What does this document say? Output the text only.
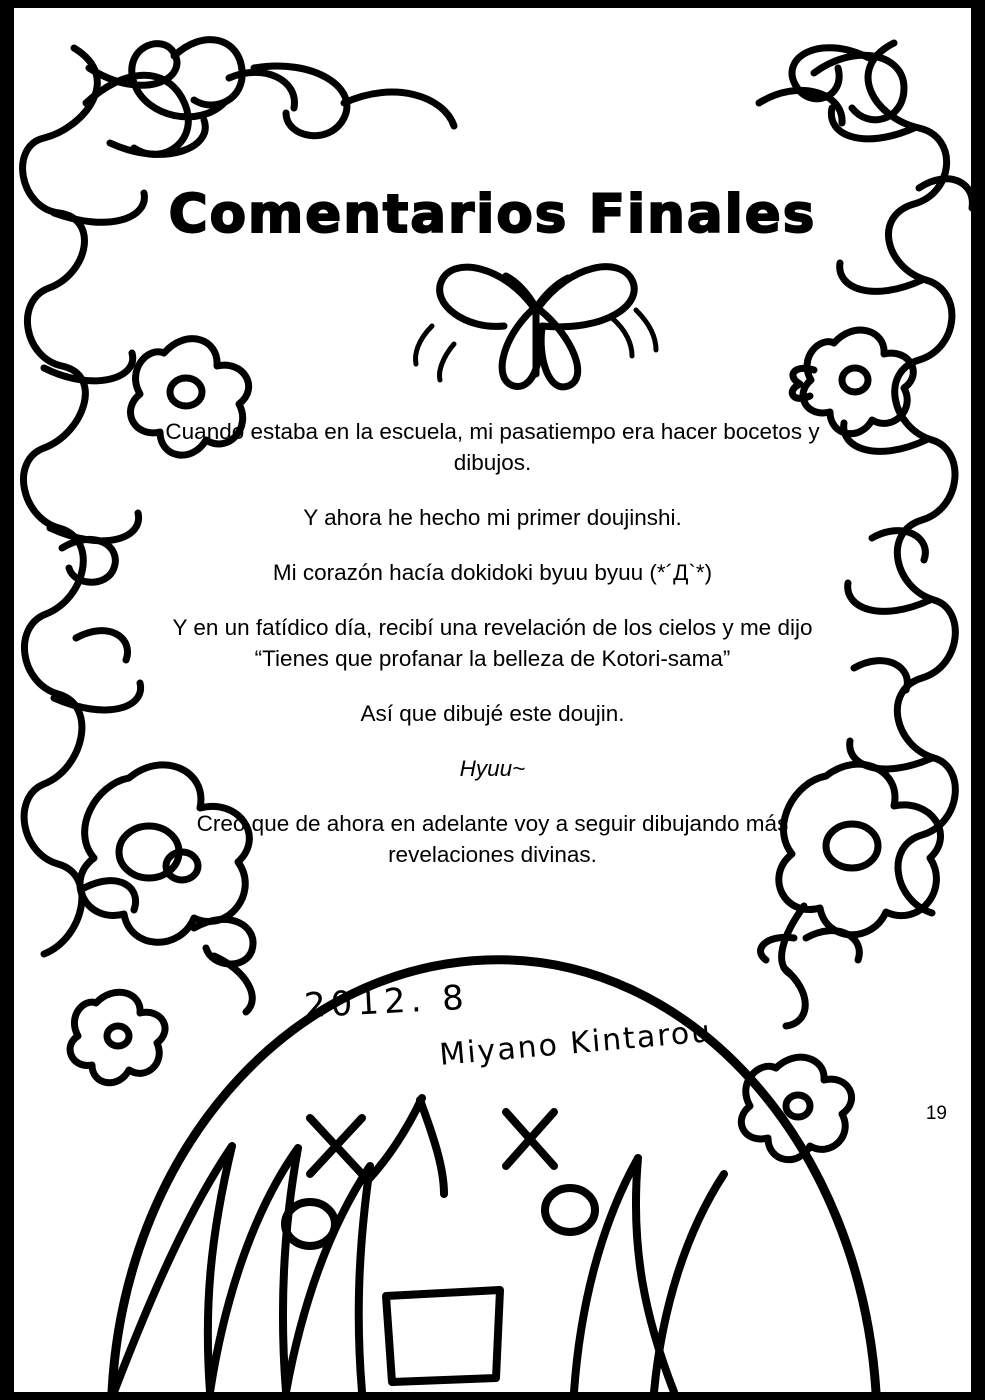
Comentarios Finales

Cuando estaba en la escuela, mi pasatiempo era hacer bocetos y dibujos.

Y ahora he hecho mi primer doujinshi.

Mi corazón hacía dokidoki byuu byuu (*´Д`*)

Y en un fatídico día, recibí una revelación de los cielos y me dijo “Tienes que profanar la belleza de Kotori-sama”

Así que dibujé este doujin.

Hyuu~

Creo que de ahora en adelante voy a seguir dibujando más revelaciones divinas.

2012. 8
Miyano Kintarou
19
